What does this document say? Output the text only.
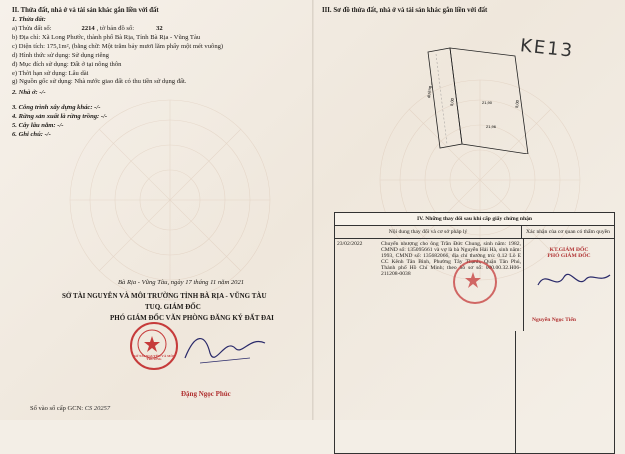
II. Thửa đất, nhà ở và tài sản khác gắn liền với đất
1. Thửa đất:
a) Thửa đất số:	2214 , tờ bản đồ số:	32
b) Địa chỉ: Xã Long Phước, thành phố Bà Rịa, Tỉnh Bà Rịa - Vũng Tàu
c) Diện tích: 175,1m², (bằng chữ: Một trăm bảy mươi lăm phẩy một mét vuông)
d) Hình thức sử dụng: Sử dụng riêng
đ) Mục đích sử dụng: Đất ở tại nông thôn
e) Thời hạn sử dụng: Lâu dài
g) Nguồn gốc sử dụng: Nhà nước giao đất có thu tiền sử dụng đất.
2. Nhà ở: -/-
3. Công trình xây dựng khác: -/-
4. Rừng sản xuất là rừng trồng: -/-
5. Cây lâu năm: -/-
6. Ghi chú: -/-
Bà Rịa - Vũng Tàu, ngày 17 tháng 11 năm 2021
SỞ TÀI NGUYÊN VÀ MÔI TRƯỜNG TỈNH BÀ RỊA - VŨNG TÀU
TUQ. GIÁM ĐỐC
PHÓ GIÁM ĐỐC VĂN PHÒNG ĐĂNG KÝ ĐẤT ĐAI
SỞ TÀI NGUYÊN VÀ MÔI TRƯỜNG
Đặng Ngọc Phúc
Số vào sổ cấp GCN: CS 20257
III. Sơ đồ thửa đất, nhà ở và tài sản khác gắn liền với đất
KE13
đường ...
8,00	21,90
21,96
8,00
IV. Những thay đổi sau khi cấp giấy chứng nhận
Nội dung thay đổi và cơ sở pháp lý	Xác nhận của cơ quan có thẩm quyền
23/02/2022	Chuyển nhượng cho ông Trần Đức Chung, sinh năm: 1982, CMND số: 135095661 và vợ là bà Nguyễn Hải Hà, sinh năm: 1993, CMND số: 135682066, địa chỉ thường trú: 0.12 Lô E CC Kênh Tân Bình, Phường Tây Thạnh, Quận Tân Phú, Thành phố Hồ Chí Minh; theo hồ sơ số: 000.00.32.H06-211208-0038
KT.GIÁM ĐỐC
PHÓ GIÁM ĐỐC
Nguyễn Ngọc Tiến
